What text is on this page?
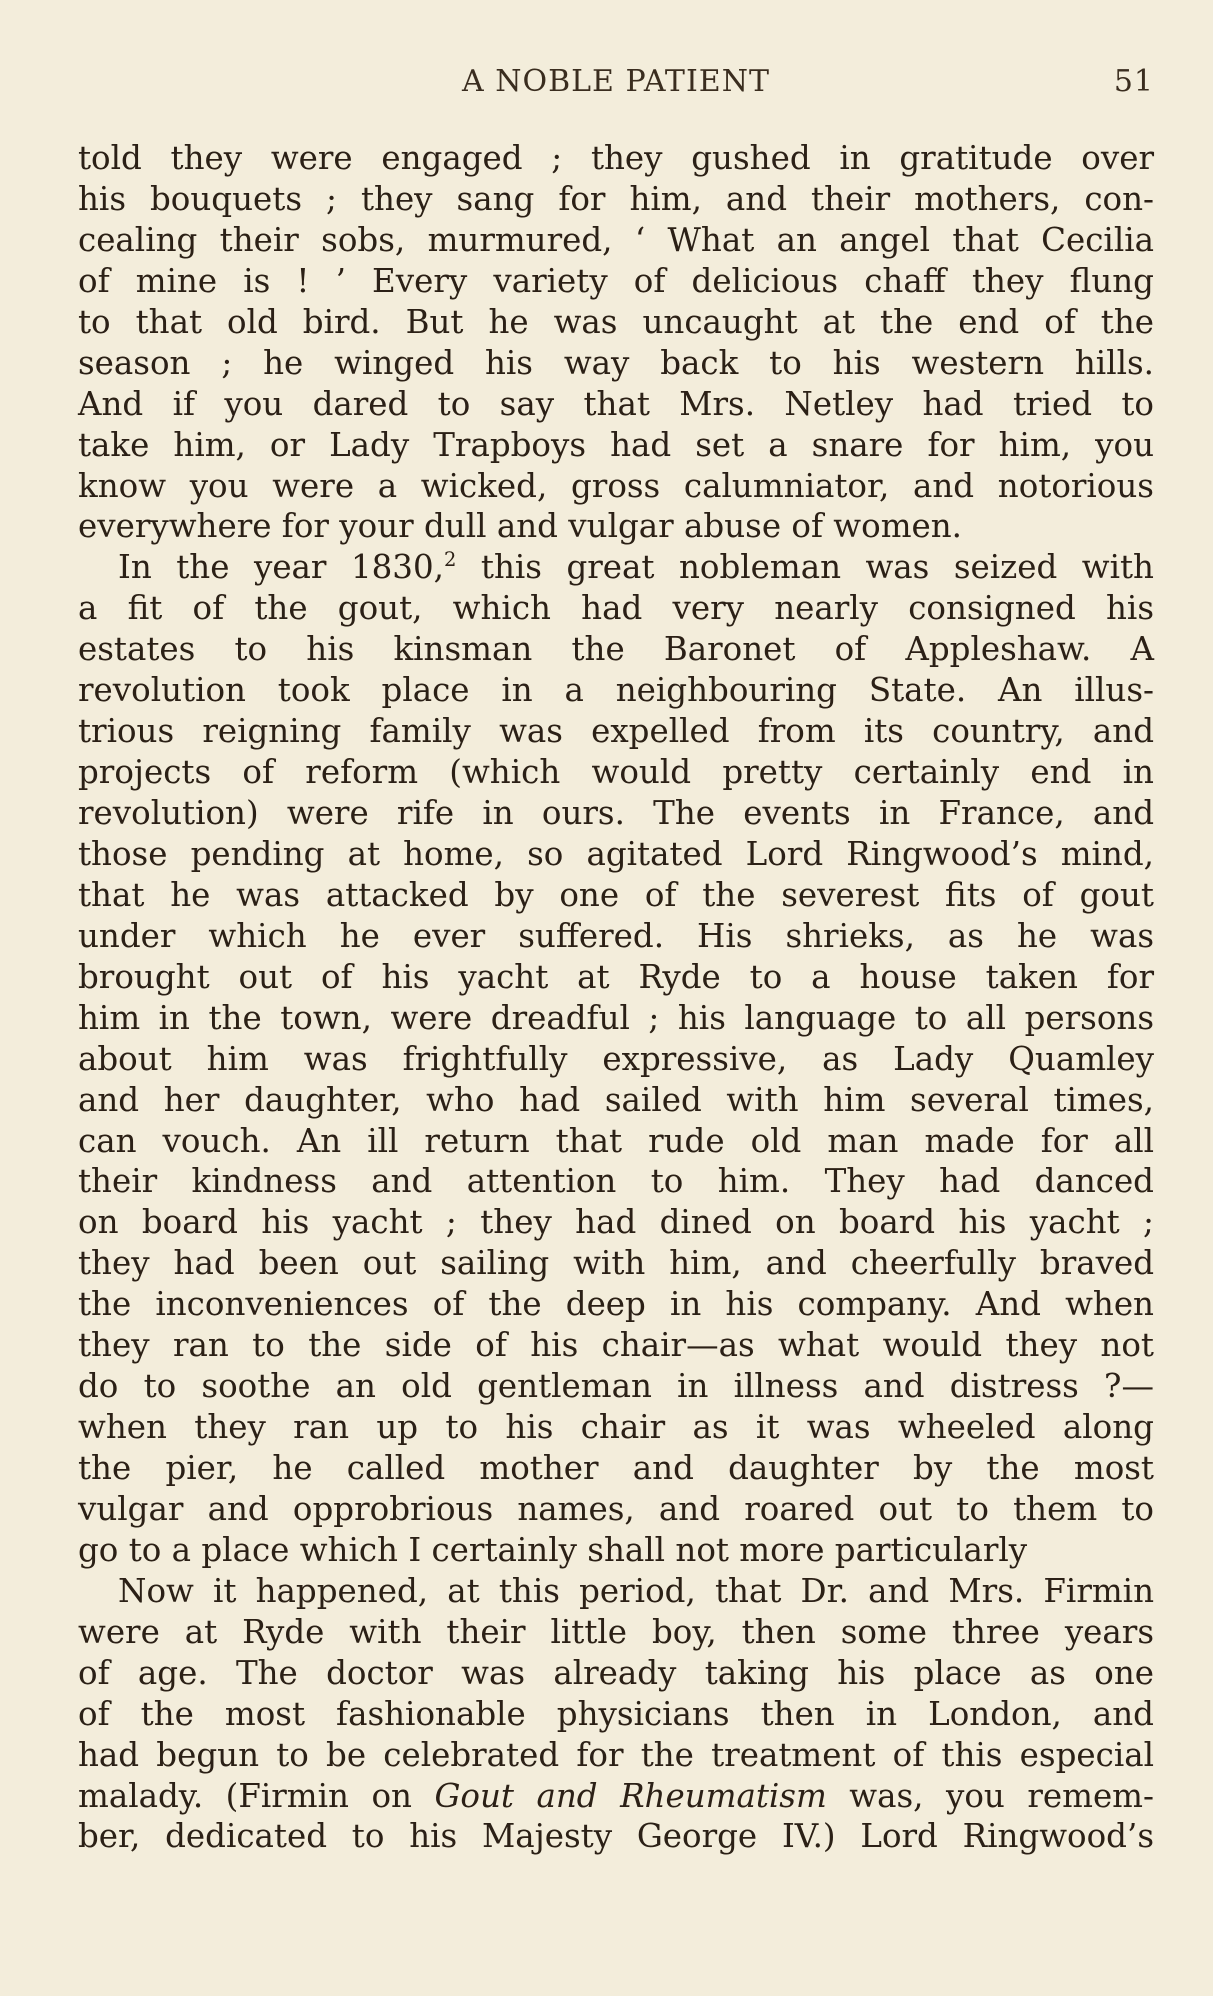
A NOBLE PATIENT	51
told they were engaged ; they gushed in gratitude over
his bouquets ; they sang for him, and their mothers, con-
cealing their sobs, murmured, ‘ What an angel that Cecilia
of mine is ! ’ Every variety of delicious chaff they flung
to that old bird. But he was uncaught at the end of the
season ; he winged his way back to his western hills.
And if you dared to say that Mrs. Netley had tried to
take him, or Lady Trapboys had set a snare for him, you
know you were a wicked, gross calumniator, and notorious
everywhere for your dull and vulgar abuse of women.
In the year 1830,$^2$ this great nobleman was seized with
a fit of the gout, which had very nearly consigned his
estates to his kinsman the Baronet of Appleshaw. A
revolution took place in a neighbouring State. An illus-
trious reigning family was expelled from its country, and
projects of reform (which would pretty certainly end in
revolution) were rife in ours. The events in France, and
those pending at home, so agitated Lord Ringwood’s mind,
that he was attacked by one of the severest fits of gout
under which he ever suffered. His shrieks, as he was
brought out of his yacht at Ryde to a house taken for
him in the town, were dreadful ; his language to all persons
about him was frightfully expressive, as Lady Quamley
and her daughter, who had sailed with him several times,
can vouch. An ill return that rude old man made for all
their kindness and attention to him. They had danced
on board his yacht ; they had dined on board his yacht ;
they had been out sailing with him, and cheerfully braved
the inconveniences of the deep in his company. And when
they ran to the side of his chair—as what would they not
do to soothe an old gentleman in illness and distress ?—
when they ran up to his chair as it was wheeled along
the pier, he called mother and daughter by the most
vulgar and opprobrious names, and roared out to them to
go to a place which I certainly shall not more particularly
Now it happened, at this period, that Dr. and Mrs. Firmin
were at Ryde with their little boy, then some three years
of age. The doctor was already taking his place as one
of the most fashionable physicians then in London, and
had begun to be celebrated for the treatment of this especial
malady. (Firmin on Gout and Rheumatism was, you remem-
ber, dedicated to his Majesty George IV.) Lord Ringwood’s
